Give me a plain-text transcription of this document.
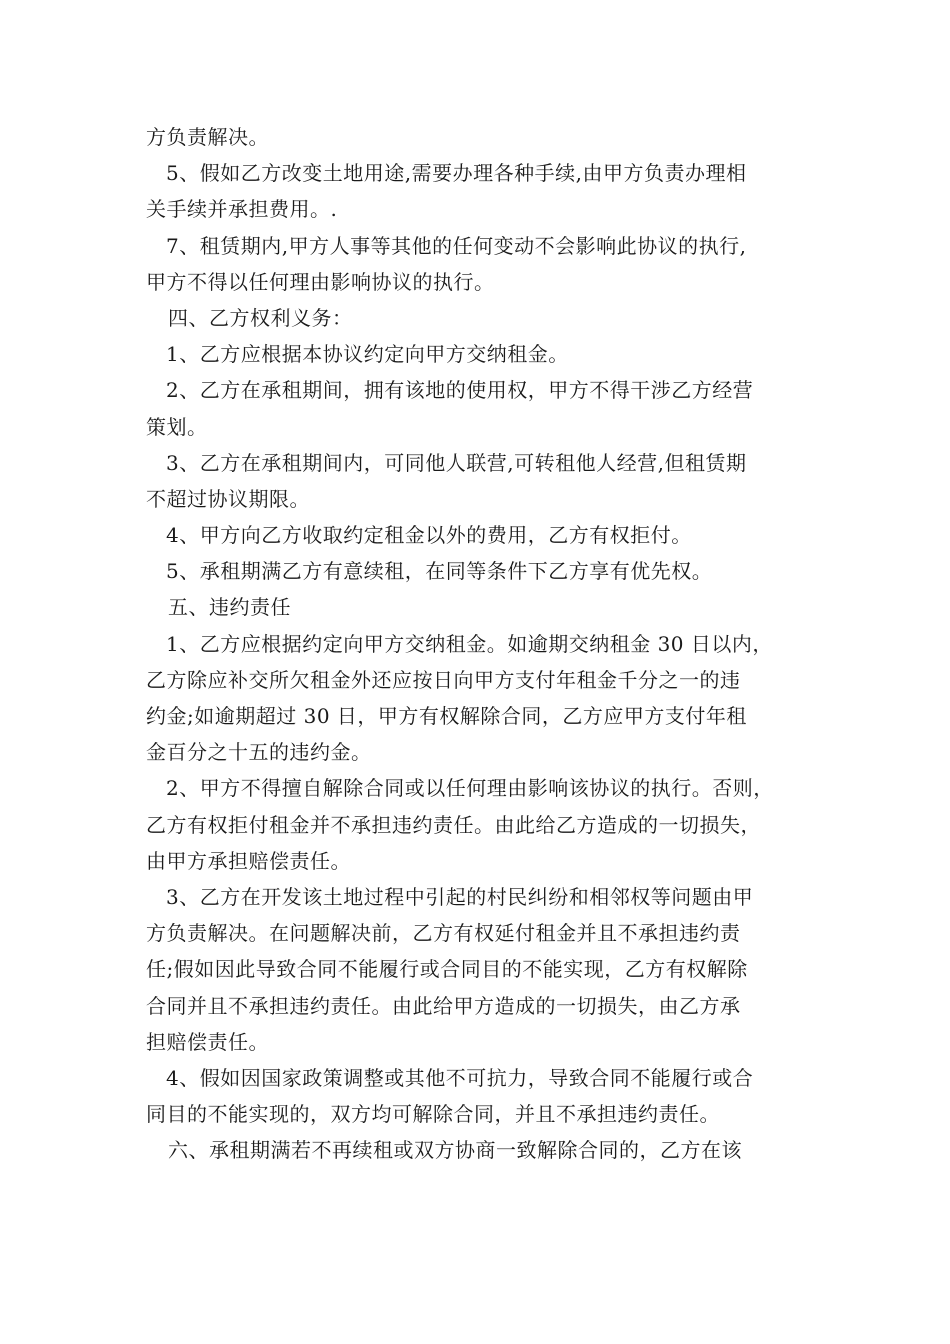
方负责解决。
5、假如乙方改变土地用途,需要办理各种手续,由甲方负责办理相
关手续并承担费用。.
7、租赁期内,甲方人事等其他的任何变动不会影响此协议的执行,
甲方不得以任何理由影响协议的执行。
四、乙方权利义务：
1、乙方应根据本协议约定向甲方交纳租金。
2、乙方在承租期间，拥有该地的使用权，甲方不得干涉乙方经营
策划。
3、乙方在承租期间内，可同他人联营,可转租他人经营,但租赁期
不超过协议期限。
4、甲方向乙方收取约定租金以外的费用，乙方有权拒付。
5、承租期满乙方有意续租，在同等条件下乙方享有优先权。
五、违约责任
1、乙方应根据约定向甲方交纳租金。如逾期交纳租金 30 日以内，
乙方除应补交所欠租金外还应按日向甲方支付年租金千分之一的违
约金;如逾期超过 30 日，甲方有权解除合同，乙方应甲方支付年租
金百分之十五的违约金。
2、甲方不得擅自解除合同或以任何理由影响该协议的执行。否则，
乙方有权拒付租金并不承担违约责任。由此给乙方造成的一切损失，
由甲方承担赔偿责任。
3、乙方在开发该土地过程中引起的村民纠纷和相邻权等问题由甲
方负责解决。在问题解决前，乙方有权延付租金并且不承担违约责
任;假如因此导致合同不能履行或合同目的不能实现，乙方有权解除
合同并且不承担违约责任。由此给甲方造成的一切损失，由乙方承
担赔偿责任。
4、假如因国家政策调整或其他不可抗力，导致合同不能履行或合
同目的不能实现的，双方均可解除合同，并且不承担违约责任。
六、承租期满若不再续租或双方协商一致解除合同的，乙方在该
